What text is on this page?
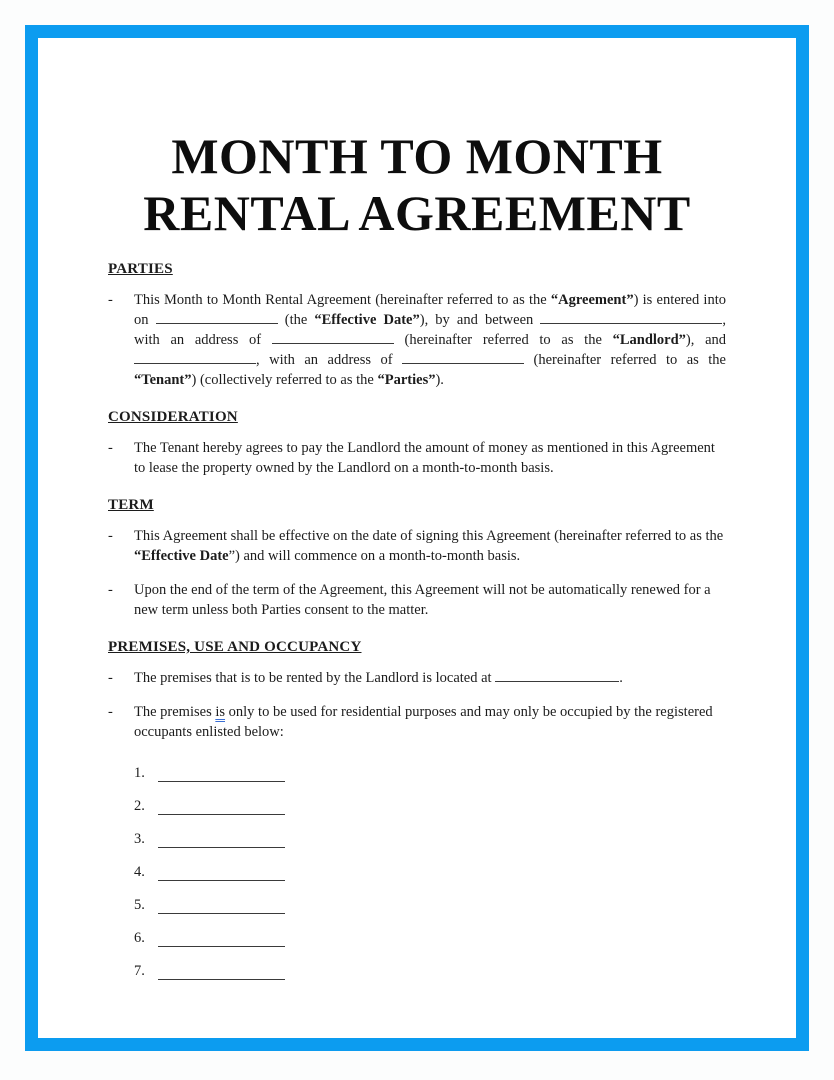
MONTH TO MONTH
RENTAL AGREEMENT
PARTIES
-	This Month to Month Rental Agreement (hereinafter referred to as the “Agreement”) is entered into on	(the “Effective Date”), by and between	, with an address of	(hereinafter referred to as the “Landlord”), and , with an address of	(hereinafter referred to as the “Tenant”) (collectively referred to as the “Parties”).

CONSIDERATION
-	The Tenant hereby agrees to pay the Landlord the amount of money as mentioned in this Agreement to lease the property owned by the Landlord on a month-to-month basis.

TERM
-	This Agreement shall be effective on the date of signing this Agreement (hereinafter referred to as the “Effective Date”) and will commence on a month-to-month basis.

-	Upon the end of the term of the Agreement, this Agreement will not be automatically renewed for a new term unless both Parties consent to the matter.

PREMISES, USE AND OCCUPANCY
-	The premises that is to be rented by the Landlord is located at	.

-	The premises is only to be used for residential purposes and may only be occupied by the registered occupants enlisted below:

1.
2.
3.
4.
5.
6.
7.
